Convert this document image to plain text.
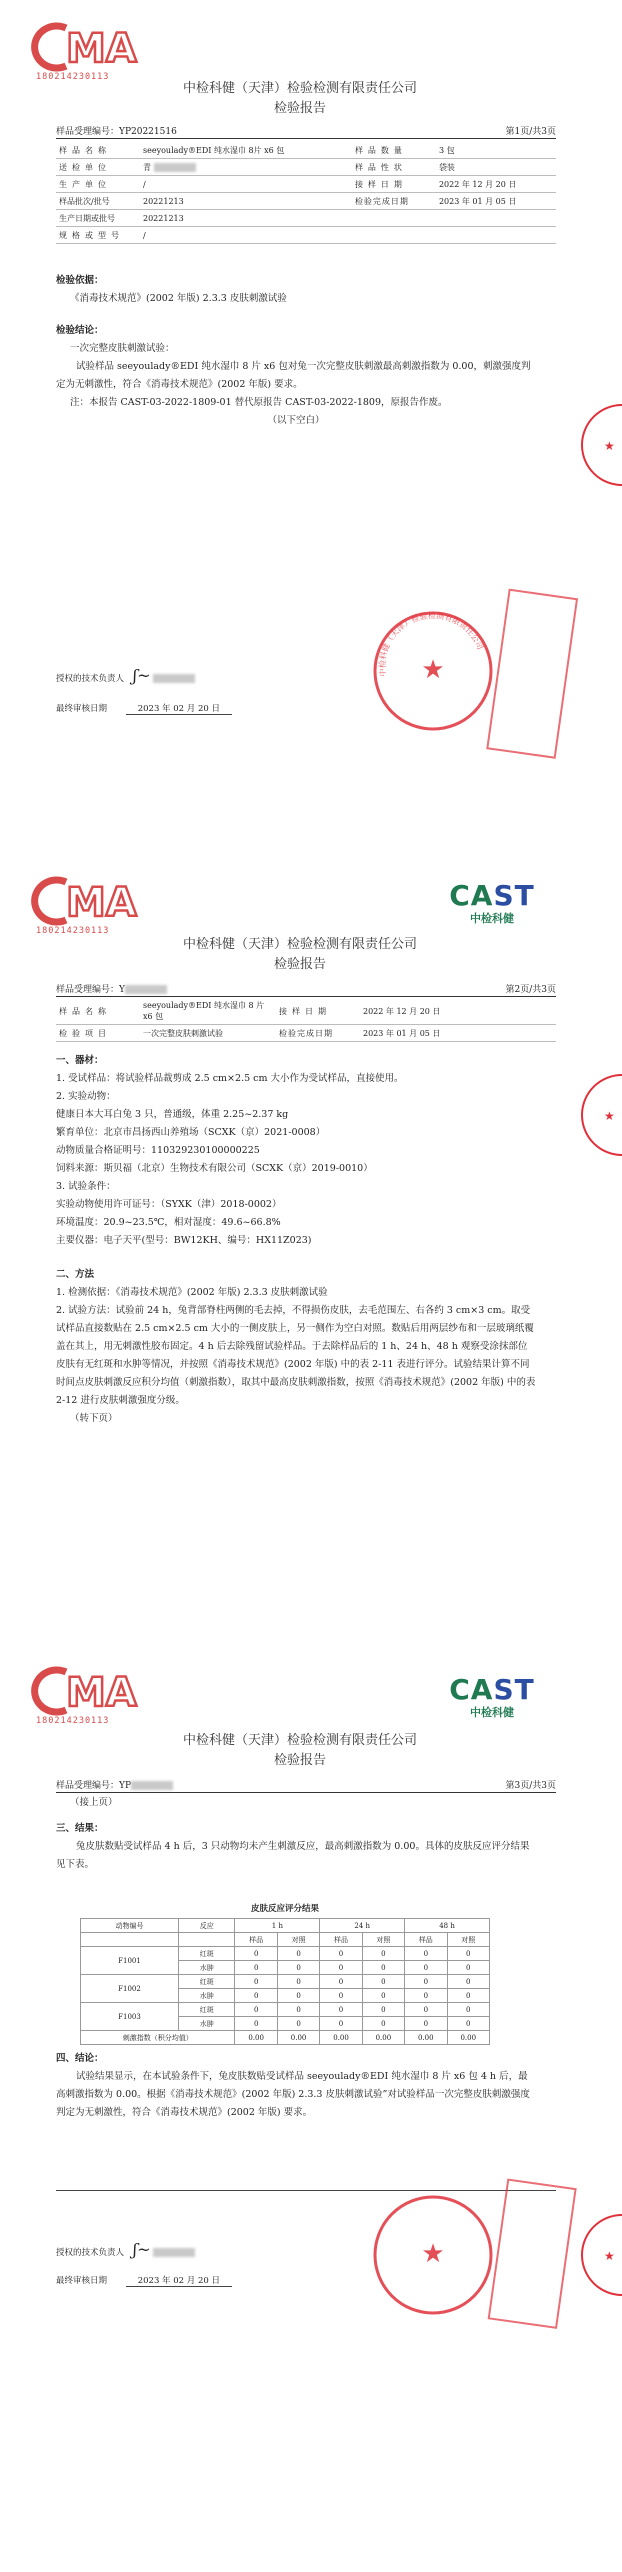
MA
180214230113
中检科健（天津）检验检测有限责任公司
检验报告
样品受理编号：YP20221516	第1页/共3页
样品名称	seeyoulady®EDI 纯水湿巾 8片 x6 包	样品数量	3 包
送检单位	青	样品性状	袋装
生产单位	/	接样日期	2022 年 12 月 20 日
样品批次/批号	20221213	检验完成日期	2023 年 01 月 05 日
生产日期或批号	20221213		
规格或型号	/		

检验依据：

《消毒技术规范》(2002 年版) 2.3.3 皮肤刺激试验

检验结论：

一次完整皮肤刺激试验：

试验样品 seeyoulady®EDI 纯水湿巾 8 片 x6 包对兔一次完整皮肤刺激最高刺激指数为 0.00，刺激强度判定为无刺激性，符合《消毒技术规范》(2002 年版) 要求。

注：本报告 CAST-03-2022-1809-01 替代原报告 CAST-03-2022-1809，原报告作废。

（以下空白）

★
授权的技术负责人 ʃ~
最终审核日期	2023 年 02 月 20 日
★
中检科健（天津）检验检测有限责任公司
MA
180214230113
CAST
中检科健
中检科健（天津）检验检测有限责任公司
检验报告
样品受理编号：Y	第2页/共3页
样品名称	seeyoulady®EDI 纯水湿巾 8 片 x6 包	接样日期	2022 年 12 月 20 日
检验项目	一次完整皮肤刺激试验	检验完成日期	2023 年 01 月 05 日

一、器材：

1. 受试样品：将试验样品裁剪成 2.5 cm×2.5 cm 大小作为受试样品，直接使用。

2. 实验动物：

健康日本大耳白兔 3 只，普通级，体重 2.25~2.37 kg

繁育单位：北京市昌扬西山养殖场（SCXK（京）2021-0008）

动物质量合格证明号：110329230100000225

饲料来源：斯贝福（北京）生物技术有限公司（SCXK（京）2019-0010）

3. 试验条件：

实验动物使用许可证号：（SYXK（津）2018-0002）

环境温度：20.9~23.5℃，相对湿度：49.6~66.8%

主要仪器：电子天平(型号：BW12KH、编号：HX11Z023)

二、方法

1. 检测依据：《消毒技术规范》(2002 年版) 2.3.3 皮肤刺激试验

2. 试验方法：试验前 24 h，兔背部脊柱两侧的毛去掉，不得损伤皮肤，去毛范围左、右各约 3 cm×3 cm。取受试样品直接数贴在 2.5 cm×2.5 cm 大小的一侧皮肤上，另一侧作为空白对照。数贴后用两层纱布和一层玻璃纸覆盖在其上，用无刺激性胶布固定。4 h 后去除残留试验样品。于去除样品后的 1 h、24 h、48 h 观察受涂抹部位皮肤有无红斑和水肿等情况，并按照《消毒技术规范》(2002 年版) 中的表 2-11 表进行评分。试验结果计算不同时间点皮肤刺激反应积分均值（刺激指数），取其中最高皮肤刺激指数，按照《消毒技术规范》(2002 年版) 中的表 2-12 进行皮肤刺激强度分级。

（转下页）

★
MA
180214230113
CAST
中检科健
中检科健（天津）检验检测有限责任公司
检验报告
样品受理编号：YP	第3页/共3页

（接上页）

三、结果：

兔皮肤数贴受试样品 4 h 后，3 只动物均未产生刺激反应，最高刺激指数为 0.00。具体的皮肤反应评分结果见下表。

皮肤反应评分结果
动物编号	反应	1 h		24 h		48 h	
		样品	对照	样品	对照	样品	对照
F1001	红斑	0	0	0	0	0	0
	水肿	0	0	0	0	0	0
F1002	红斑	0	0	0	0	0	0
	水肿	0	0	0	0	0	0
F1003	红斑	0	0	0	0	0	0
	水肿	0	0	0	0	0	0
刺激指数（积分均值）		0.00	0.00	0.00	0.00	0.00	0.00

四、结论：

试验结果显示，在本试验条件下，兔皮肤数贴受试样品 seeyoulady®EDI 纯水湿巾 8 片 x6 包 4 h 后，最高刺激指数为 0.00。根据《消毒技术规范》(2002 年版) 2.3.3 皮肤刺激试验”对试验样品一次完整皮肤刺激强度判定为无刺激性，符合《消毒技术规范》(2002 年版) 要求。

★
授权的技术负责人 ʃ~
最终审核日期	2023 年 02 月 20 日
★
